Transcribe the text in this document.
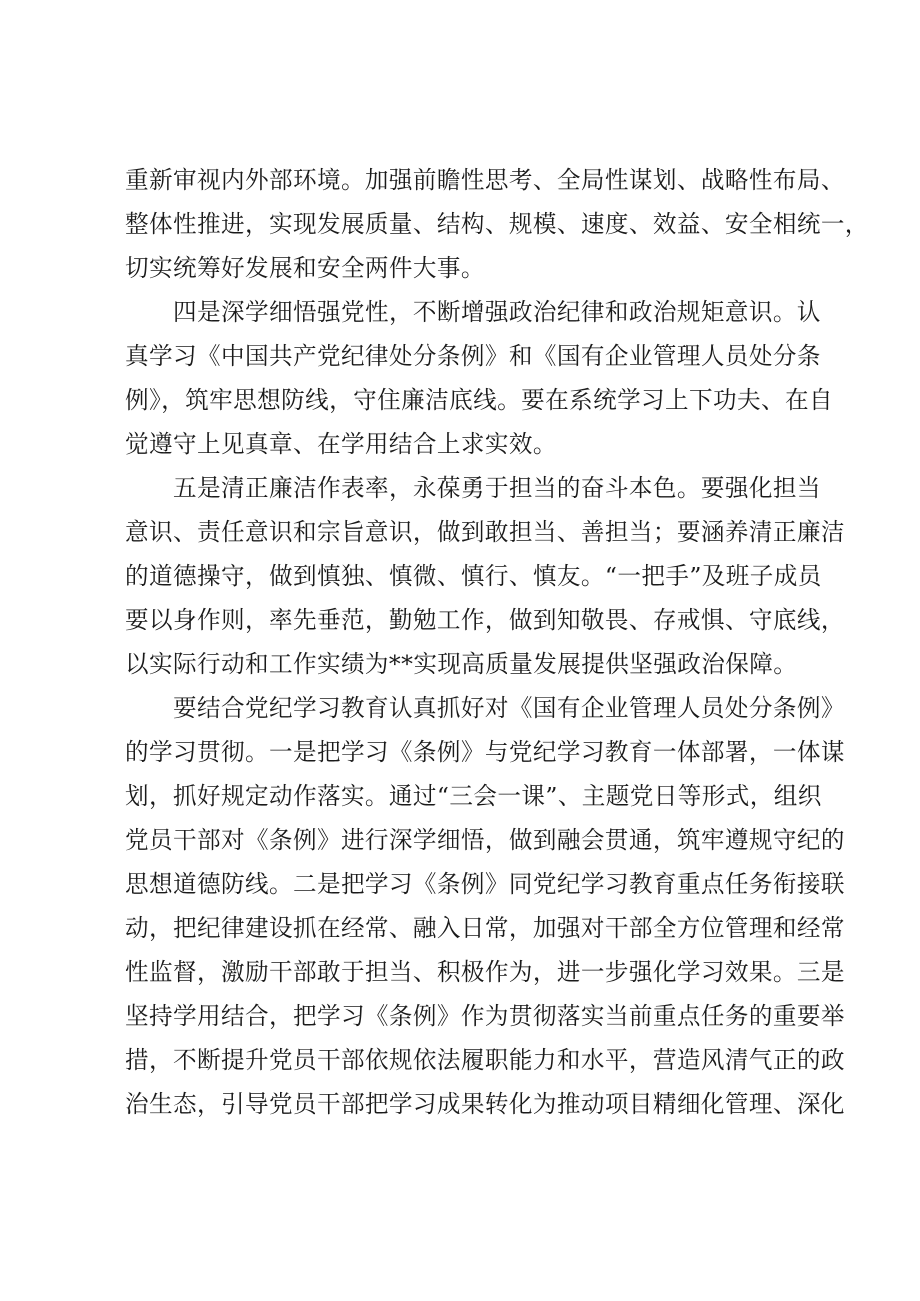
重新审视内外部环境。加强前瞻性思考、全局性谋划、战略性布局、
整体性推进，实现发展质量、结构、规模、速度、效益、安全相统一，
切实统筹好发展和安全两件大事。
四是深学细悟强党性，不断增强政治纪律和政治规矩意识。认
真学习《中国共产党纪律处分条例》和《国有企业管理人员处分条
例》，筑牢思想防线，守住廉洁底线。要在系统学习上下功夫、在自
觉遵守上见真章、在学用结合上求实效。
五是清正廉洁作表率，永葆勇于担当的奋斗本色。要强化担当
意识、责任意识和宗旨意识，做到敢担当、善担当；要涵养清正廉洁
的道德操守，做到慎独、慎微、慎行、慎友。“一把手”及班子成员
要以身作则，率先垂范，勤勉工作，做到知敬畏、存戒惧、守底线，
以实际行动和工作实绩为**实现高质量发展提供坚强政治保障。
要结合党纪学习教育认真抓好对《国有企业管理人员处分条例》
的学习贯彻。一是把学习《条例》与党纪学习教育一体部署，一体谋
划，抓好规定动作落实。通过“三会一课”、主题党日等形式，组织
党员干部对《条例》进行深学细悟，做到融会贯通，筑牢遵规守纪的
思想道德防线。二是把学习《条例》同党纪学习教育重点任务衔接联
动，把纪律建设抓在经常、融入日常，加强对干部全方位管理和经常
性监督，激励干部敢于担当、积极作为，进一步强化学习效果。三是
坚持学用结合，把学习《条例》作为贯彻落实当前重点任务的重要举
措，不断提升党员干部依规依法履职能力和水平，营造风清气正的政
治生态，引导党员干部把学习成果转化为推动项目精细化管理、深化
